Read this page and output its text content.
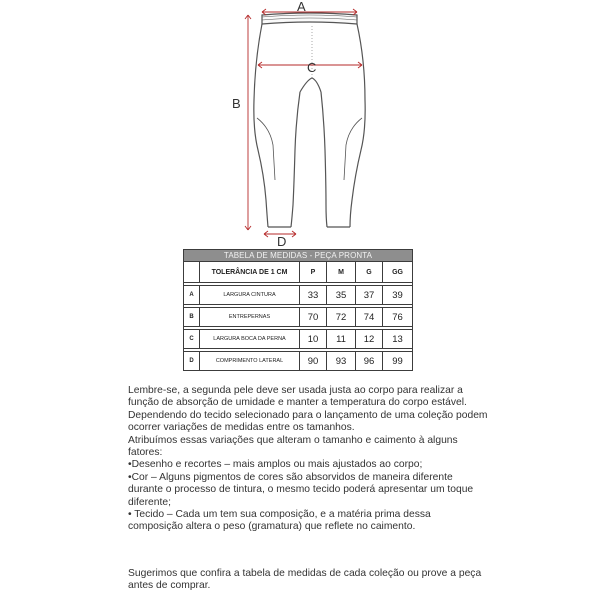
A
B
C
D
TABELA DE MEDIDAS - PEÇA PRONTA					
	TOLERÂNCIA DE 1 CM	P	M	G	GG

A	LARGURA CINTURA	33	35	37	39

B	ENTREPERNAS	70	72	74	76

C	LARGURA BOCA DA PERNA	10	11	12	13

D	COMPRIMENTO LATERAL	90	93	96	99

Lembre-se, a segunda pele deve ser usada justa ao corpo para realizar a função de absorção de umidade e manter a temperatura do corpo estável.

Dependendo do tecido selecionado para o lançamento de uma coleção podem ocorrer variações de medidas entre os tamanhos.

Atribuímos essas variações que alteram o tamanho e caimento à alguns fatores:

•Desenho e recortes – mais amplos ou mais ajustados ao corpo;

•Cor – Alguns pigmentos de cores são absorvidos de maneira diferente durante o processo de tintura, o mesmo tecido poderá apresentar um toque diferente;

• Tecido – Cada um tem sua composição, e a matéria prima dessa composição altera o peso (gramatura) que reflete no caimento.

Sugerimos que confira a tabela de medidas de cada coleção ou prove a peça antes de comprar.
